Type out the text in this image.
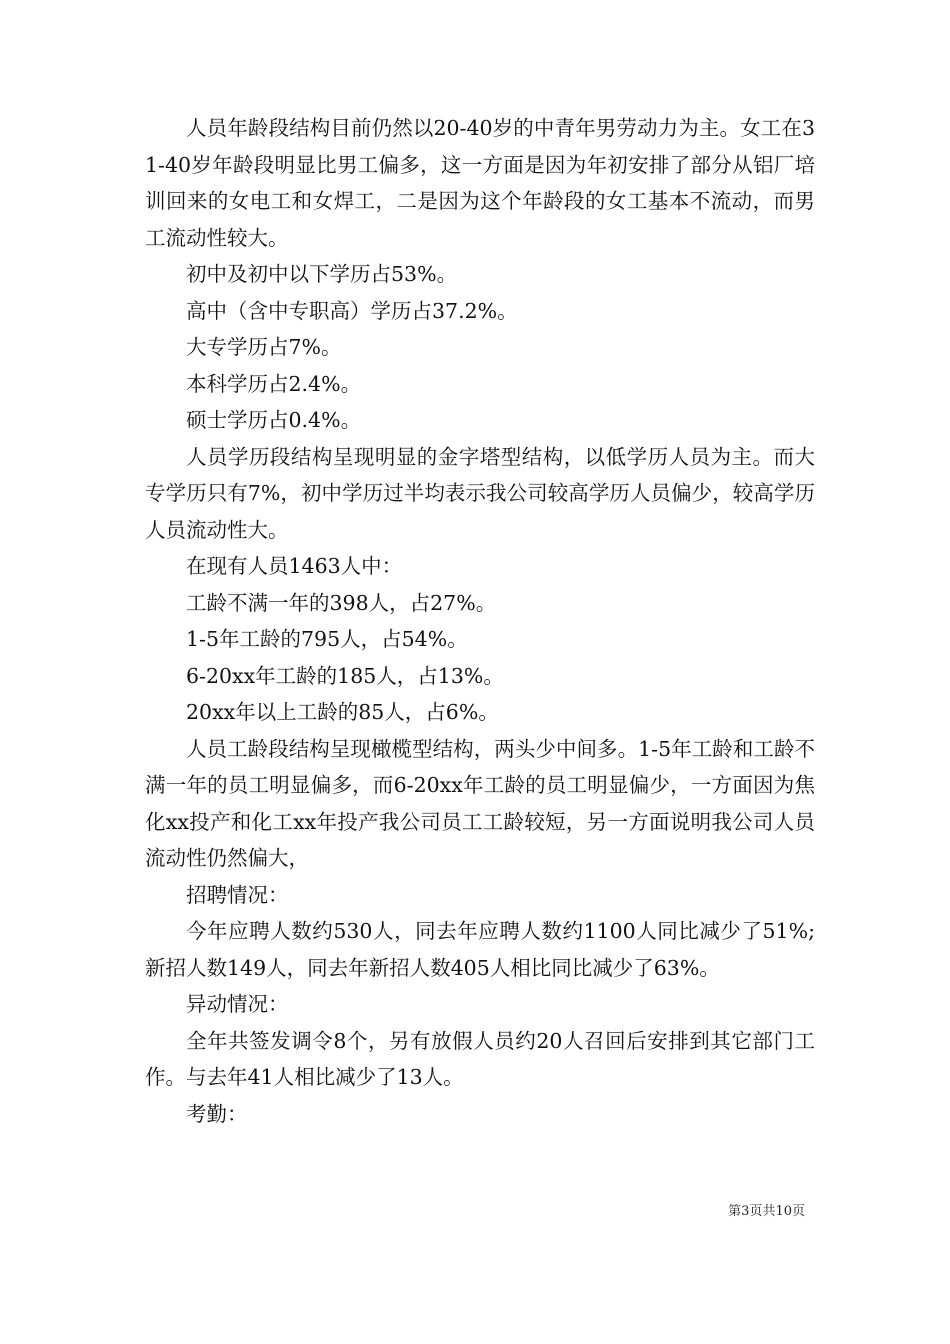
人员年龄段结构目前仍然以20-40岁的中青年男劳动力为主。女工在31-40岁年龄段明显比男工偏多，这一方面是因为年初安排了部分从铝厂培训回来的女电工和女焊工，二是因为这个年龄段的女工基本不流动，而男工流动性较大。

初中及初中以下学历占53%。

高中（含中专职高）学历占37.2%。

大专学历占7%。

本科学历占2.4%。

硕士学历占0.4%。

人员学历段结构呈现明显的金字塔型结构，以低学历人员为主。而大专学历只有7%，初中学历过半均表示我公司较高学历人员偏少，较高学历人员流动性大。

在现有人员1463人中：

工龄不满一年的398人，占27%。

1-5年工龄的795人，占54%。

6-20xx年工龄的185人，占13%。

20xx年以上工龄的85人，占6%。

人员工龄段结构呈现橄榄型结构，两头少中间多。1-5年工龄和工龄不满一年的员工明显偏多，而6-20xx年工龄的员工明显偏少，一方面因为焦化xx投产和化工xx年投产我公司员工工龄较短，另一方面说明我公司人员流动性仍然偏大，

招聘情况：

今年应聘人数约530人，同去年应聘人数约1100人同比减少了51%;新招人数149人，同去年新招人数405人相比同比减少了63%。

异动情况：

全年共签发调令8个，另有放假人员约20人召回后安排到其它部门工作。与去年41人相比减少了13人。

考勤：

第3页共10页
